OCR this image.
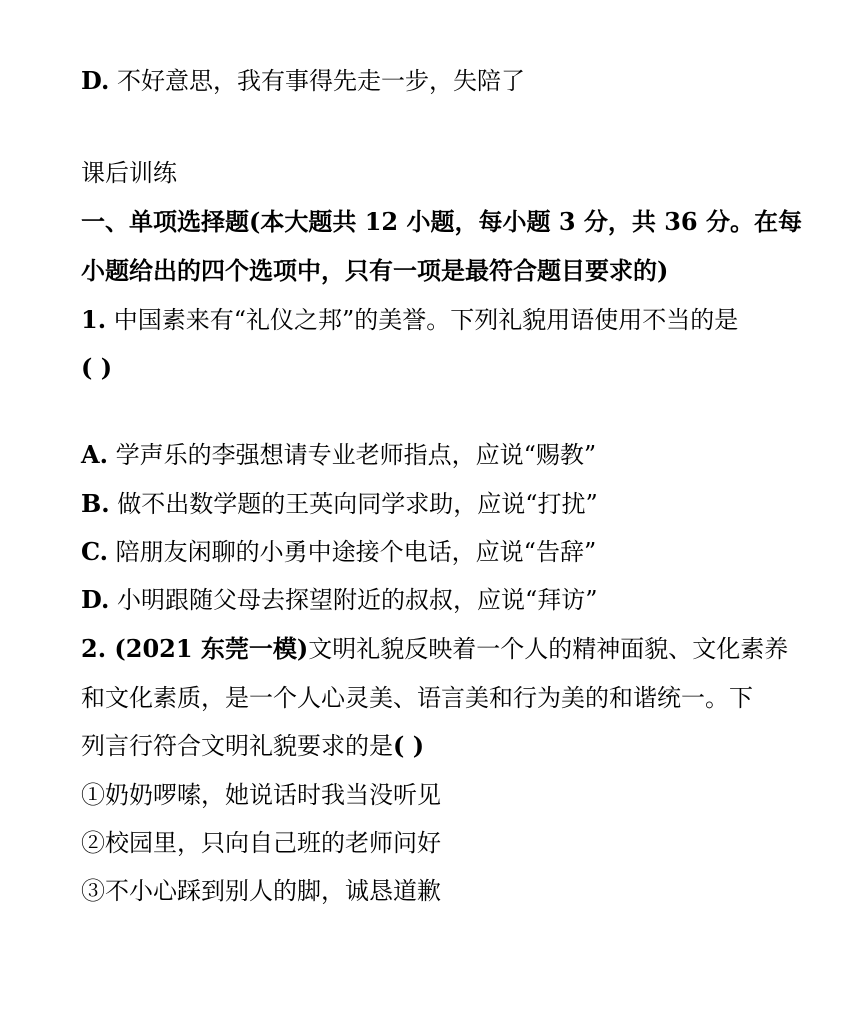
D. 不好意思，我有事得先走一步，失陪了
课后训练
一、单项选择题(本大题共 12 小题，每小题 3 分，共 36 分。在每
小题给出的四个选项中，只有一项是最符合题目要求的)
1. 中国素来有“礼仪之邦”的美誉。下列礼貌用语使用不当的是
( )
A. 学声乐的李强想请专业老师指点，应说“赐教”
B. 做不出数学题的王英向同学求助，应说“打扰”
C. 陪朋友闲聊的小勇中途接个电话，应说“告辞”
D. 小明跟随父母去探望附近的叔叔，应说“拜访”
2. (2021 东莞一模)文明礼貌反映着一个人的精神面貌、文化素养
和文化素质，是一个人心灵美、语言美和行为美的和谐统一。下
列言行符合文明礼貌要求的是( )
①奶奶啰嗦，她说话时我当没听见
②校园里，只向自己班的老师问好
③不小心踩到别人的脚，诚恳道歉
